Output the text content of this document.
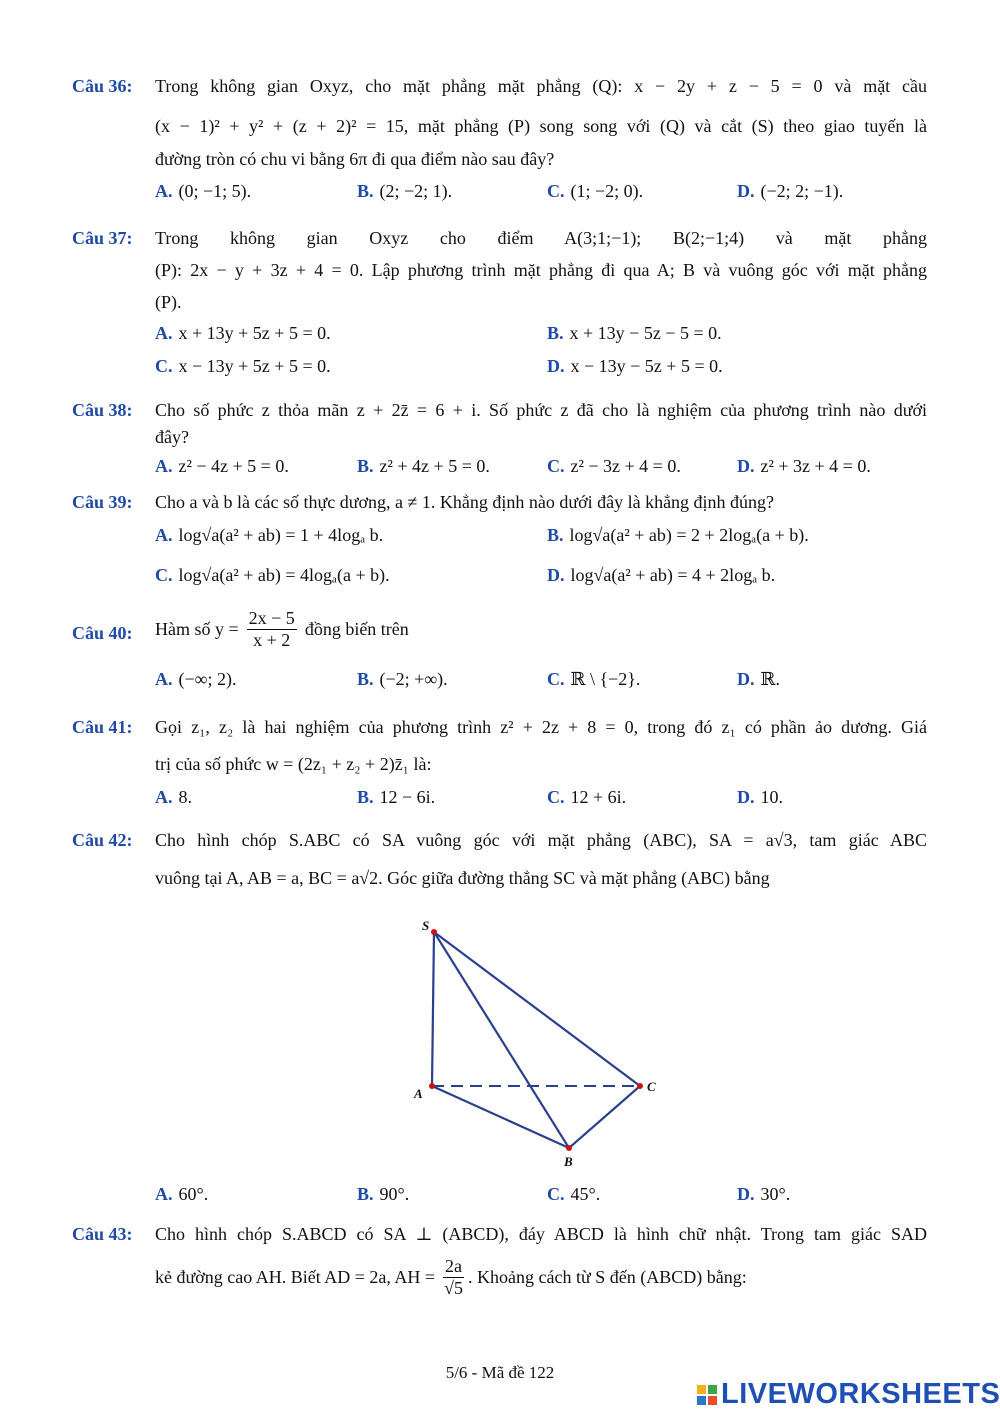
Câu 36: Trong không gian Oxyz, cho mặt phẳng mặt phẳng (Q): x − 2y + z − 5 = 0 và mặt cầu
(x − 1)² + y² + (z + 2)² = 15, mặt phẳng (P) song song với (Q) và cắt (S) theo giao tuyến là
đường tròn có chu vi bằng 6π đi qua điểm nào sau đây?
A. (0; −1; 5).	B. (2; −2; 1).	C. (1; −2; 0).	D. (−2; 2; −1).
Câu 37: Trong không gian Oxyz cho điểm A(3;1;−1); B(2;−1;4) và mặt phẳng
(P): 2x − y + 3z + 4 = 0. Lập phương trình mặt phẳng đi qua A; B và vuông góc với mặt phẳng
(P).
A. x + 13y + 5z + 5 = 0.	B. x + 13y − 5z − 5 = 0.
C. x − 13y + 5z + 5 = 0.	D. x − 13y − 5z + 5 = 0.
Câu 38: Cho số phức z thỏa mãn z + 2z̄ = 6 + i. Số phức z đã cho là nghiệm của phương trình nào dưới
đây?
A. z² − 4z + 5 = 0.	B. z² + 4z + 5 = 0.	C. z² − 3z + 4 = 0.	D. z² + 3z + 4 = 0.
Câu 39: Cho a và b là các số thực dương, a ≠ 1. Khẳng định nào dưới đây là khẳng định đúng?
A. log√a(a² + ab) = 1 + 4logₐ b.	B. log√a(a² + ab) = 2 + 2logₐ(a + b).
C. log√a(a² + ab) = 4logₐ(a + b).	D. log√a(a² + ab) = 4 + 2logₐ b.
Câu 40: Hàm số $y = \frac{2x - 5}{x + 2}$ đồng biến trên
A. (−∞; 2).	B. (−2; +∞).	C. ℝ \ {−2}.	D. ℝ.
Câu 41: Gọi z₁, z₂ là hai nghiệm của phương trình z² + 2z + 8 = 0, trong đó z₁ có phần ảo dương. Giá
trị của số phức w = (2z₁ + z₂ + 2)z̄₁ là:
A. 8.	B. 12 − 6i.	C. 12 + 6i.	D. 10.
Câu 42: Cho hình chóp S.ABC có SA vuông góc với mặt phẳng (ABC), SA = a√3, tam giác ABC
vuông tại A, AB = a, BC = a√2. Góc giữa đường thẳng SC và mặt phẳng (ABC) bằng
S
A
B
C
A. 60°.	B. 90°.	C. 45°.	D. 30°.
Câu 43: Cho hình chóp S.ABCD có SA ⊥ (ABCD), đáy ABCD là hình chữ nhật. Trong tam giác SAD
kẻ đường cao AH. Biết AD = 2a, AH = $\frac{2a}{√5}$ . Khoảng cách từ S đến (ABCD) bằng:
5/6 - Mã đề 122
LIVEWORKSHEETS
